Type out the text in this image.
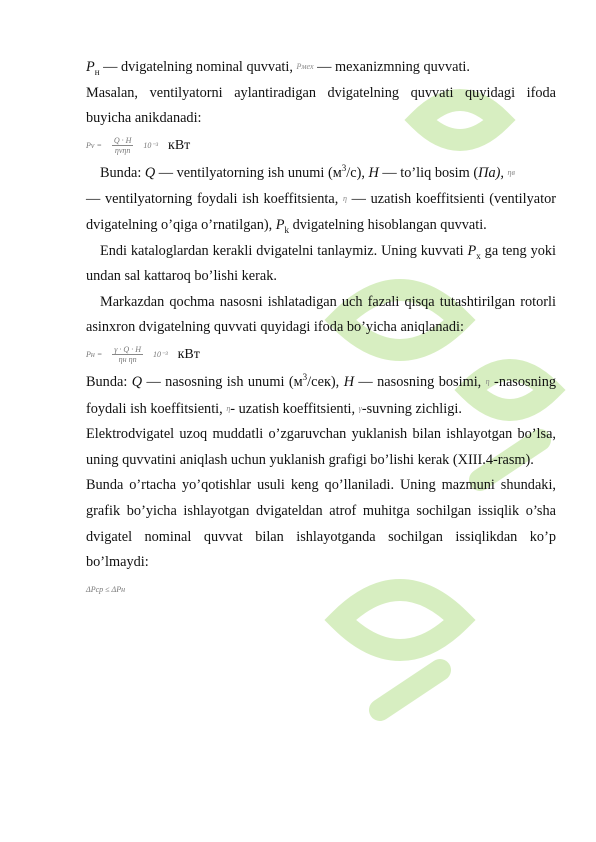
$P_н$ — dvigatelning nominal quvvati, Pмех — mexanizmning quvvati.

Masalan, ventilyatorni aylantiradigan dvigatelning quvvati quyidagi ifoda buyicha anikdanadi:

$Pv = \frac{Q \cdot H}{\text{ηvηп}} 10^{-3}$ кВт

Bunda: Q — ventilyatorning ish unumi $(м^3/с)$, H — to’liq bosim (Па), ηв
— ventilyatorning foydali ish koeffitsienta, η — uzatish koeffitsienti (ventilyator dvigatelning o’qiga o’rnatilgan), $P_k$ dvigatelning hisoblangan quvvati.

Endi kataloglardan kerakli dvigatelni tanlaymiz. Uning kuvvati $P_x$ ga teng yoki undan sal kattaroq bo’lishi kerak.

Markazdan qochma nasosni ishlatadigan uch fazali qisqa tutashtirilgan rotorli asinxron dvigatelning quvvati quyidagi ifoda bo’yicha aniqlanadi:

Pн = $\frac{\gamma \cdot Q \cdot H}{\text{ηн ηп}} 10^{-3}$ кВт

Bunda: Q — nasosning ish unumi $(м^3/сек)$, H — nasosning bosimi, η -nasosning foydali ish koeffitsienti, η- uzatish koeffitsienti, γ-suvning zichligi.

Elektrodvigatel uzoq muddatli o’zgaruvchan yuklanish bilan ishlayotgan bo’lsa, uning quvvatini aniqlash uchun yuklanish grafigi bo’lishi kerak (XIII.4-rasm).

Bunda o’rtacha yo’qotishlar usuli keng qo’llaniladi. Uning mazmuni shundaki, grafik bo’yicha ishlayotgan dvigateldan atrof muhitga sochilgan issiqlik o’sha dvigatel nominal quvvat bilan ishlayotganda sochilgan issiqlikdan ko’p bo’lmaydi:

ΔPср ≤ ΔPн
